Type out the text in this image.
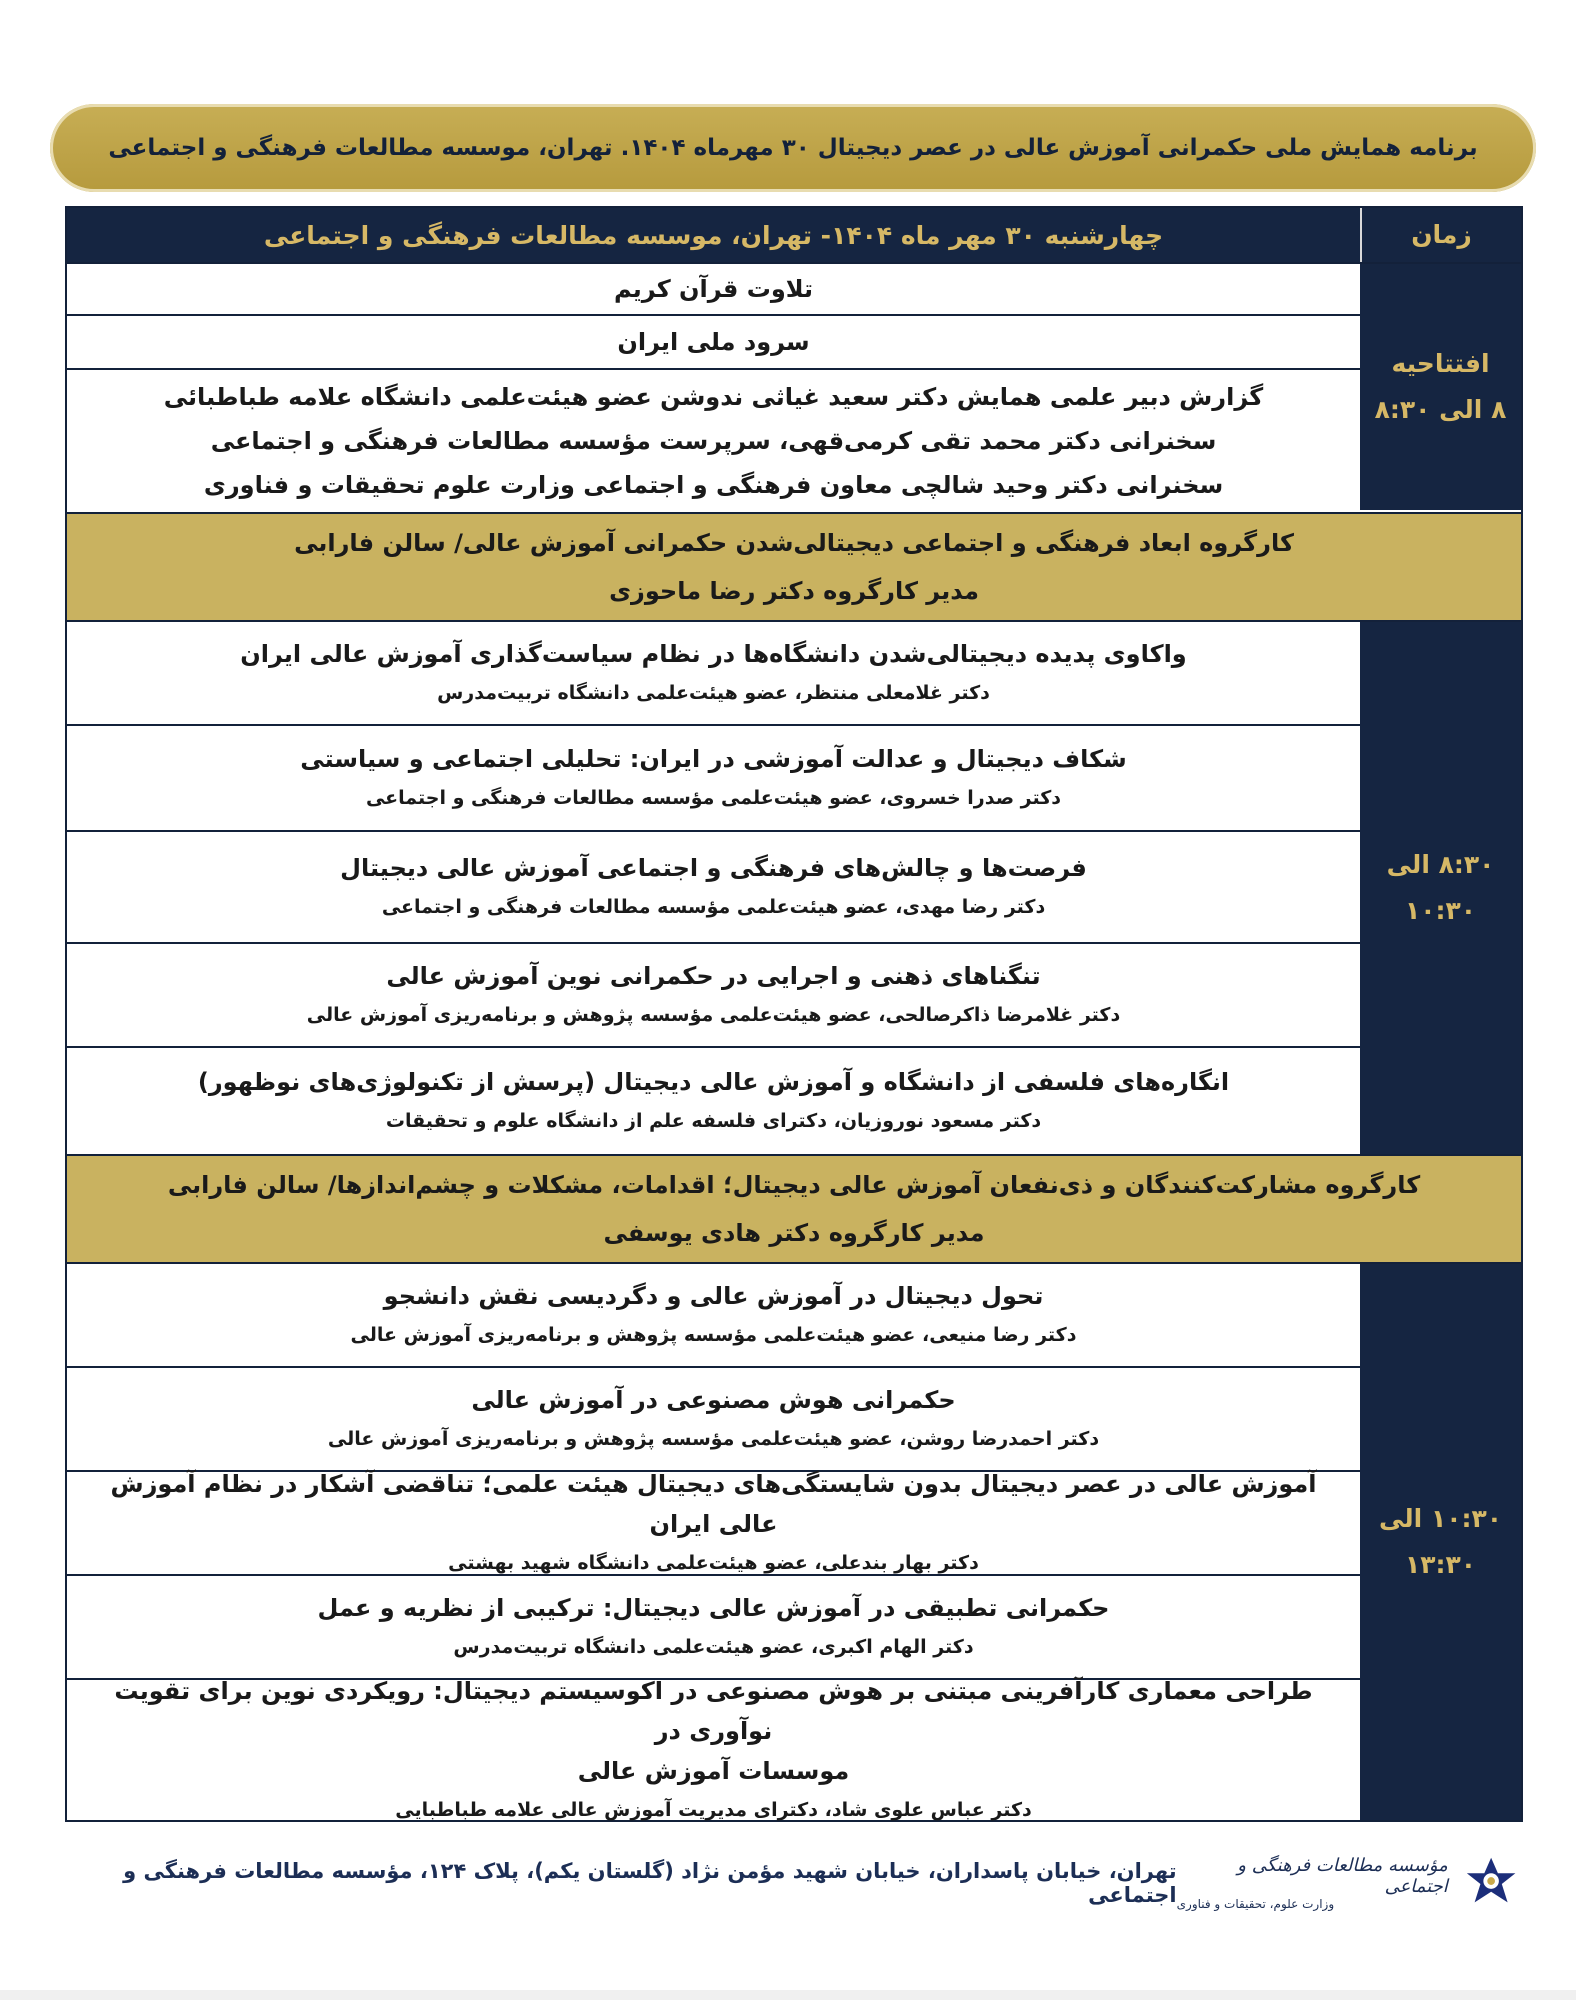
برنامه همایش ملی حکمرانی آموزش عالی در عصر دیجیتال ۳۰ مهرماه ۱۴۰۴. تهران، موسسه مطالعات فرهنگی و اجتماعی
زمان
چهارشنبه ۳۰ مهر ماه ۱۴۰۴- تهران، موسسه مطالعات فرهنگی و اجتماعی
افتتاحیه
۸ الی ۸:۳۰
تلاوت قرآن کریم
سرود ملی ایران
گزارش دبیر علمی همایش دکتر سعید غیاثی ندوشن عضو هیئت‌علمی دانشگاه علامه طباطبائی
سخنرانی دکتر محمد تقی کرمی‌قهی، سرپرست مؤسسه مطالعات فرهنگی و اجتماعی
سخنرانی دکتر وحید شالچی معاون فرهنگی و اجتماعی وزارت علوم تحقیقات و فناوری
کارگروه ابعاد فرهنگی و اجتماعی دیجیتالی‌شدن حکمرانی آموزش عالی/ سالن فارابی
مدیر کارگروه دکتر رضا ماحوزی
۸:۳۰ الی
۱۰:۳۰
واکاوی پدیده دیجیتالی‌شدن دانشگاه‌ها در نظام سیاست‌گذاری آموزش عالی ایران
دکتر غلامعلی منتظر، عضو هیئت‌علمی دانشگاه تربیت‌مدرس
شکاف دیجیتال و عدالت آموزشی در ایران: تحلیلی اجتماعی و سیاستی
دکتر صدرا خسروی، عضو هیئت‌علمی مؤسسه مطالعات فرهنگی و اجتماعی
فرصت‌ها و چالش‌های فرهنگی و اجتماعی آموزش عالی دیجیتال
دکتر رضا مهدی، عضو هیئت‌علمی مؤسسه مطالعات فرهنگی و اجتماعی
تنگناهای ذهنی و اجرایی در حکمرانی نوین آموزش عالی
دکتر غلامرضا ذاکرصالحی، عضو هیئت‌علمی مؤسسه پژوهش و برنامه‌ریزی آموزش عالی
انگاره‌های فلسفی از دانشگاه و آموزش عالی دیجیتال (پرسش از تکنولوژی‌های نوظهور)
دکتر مسعود نوروزیان، دکترای فلسفه علم از دانشگاه علوم و تحقیقات
کارگروه مشارکت‌کنندگان و ذی‌نفعان آموزش عالی دیجیتال؛ اقدامات، مشکلات و چشم‌اندازها/ سالن فارابی
مدیر کارگروه دکتر هادی یوسفی
۱۰:۳۰ الی
۱۳:۳۰
تحول دیجیتال در آموزش عالی و دگردیسی نقش دانشجو
دکتر رضا منیعی، عضو هیئت‌علمی مؤسسه پژوهش و برنامه‌ریزی آموزش عالی
حکمرانی هوش مصنوعی در آموزش عالی
دکتر احمدرضا روشن، عضو هیئت‌علمی مؤسسه پژوهش و برنامه‌ریزی آموزش عالی
آموزش عالی در عصر دیجیتال بدون شایستگی‌های دیجیتال هیئت علمی؛ تناقضی آشکار در نظام آموزش عالی ایران
دکتر بهار بندعلی، عضو هیئت‌علمی دانشگاه شهید بهشتی
حکمرانی تطبیقی در آموزش عالی دیجیتال: ترکیبی از نظریه و عمل
دکتر الهام اکبری، عضو هیئت‌علمی دانشگاه تربیت‌مدرس
طراحی معماری کارآفرینی مبتنی بر هوش مصنوعی در اکوسیستم دیجیتال: رویکردی نوین برای تقویت نوآوری در
موسسات آموزش عالی
دکتر عباس علوی شاد، دکترای مدیریت آموزش عالی علامه طباطبایی
مؤسسه مطالعات فرهنگی و اجتماعی
وزارت علوم، تحقیقات و فناوری
تهران، خیابان پاسداران، خیابان شهید مؤمن نژاد (گلستان یکم)، پلاک ۱۲۴، مؤسسه مطالعات فرهنگی و اجتماعی
